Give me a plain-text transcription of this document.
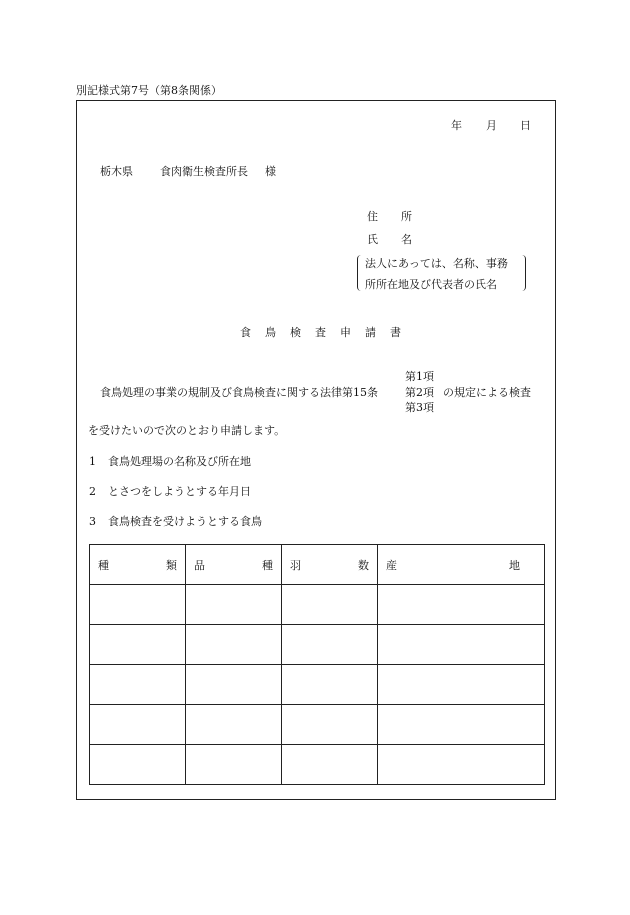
別記様式第7号（第8条関係）
年 月 日
栃木県 食肉衛生検査所長 様
住 所
氏 名
法人にあっては、名称、事務
所所在地及び代表者の氏名
食 鳥 検 査 申 請 書
食鳥処理の事業の規制及び食鳥検査に関する法律第15条
第1項
第2項
第3項
の規定による検査
を受けたいので次のとおり申請します。
1 食鳥処理場の名称及び所在地
2 とさつをしようとする年月日
3 食鳥検査を受けようとする食鳥
種 類	品 種	羽 数	産 地
